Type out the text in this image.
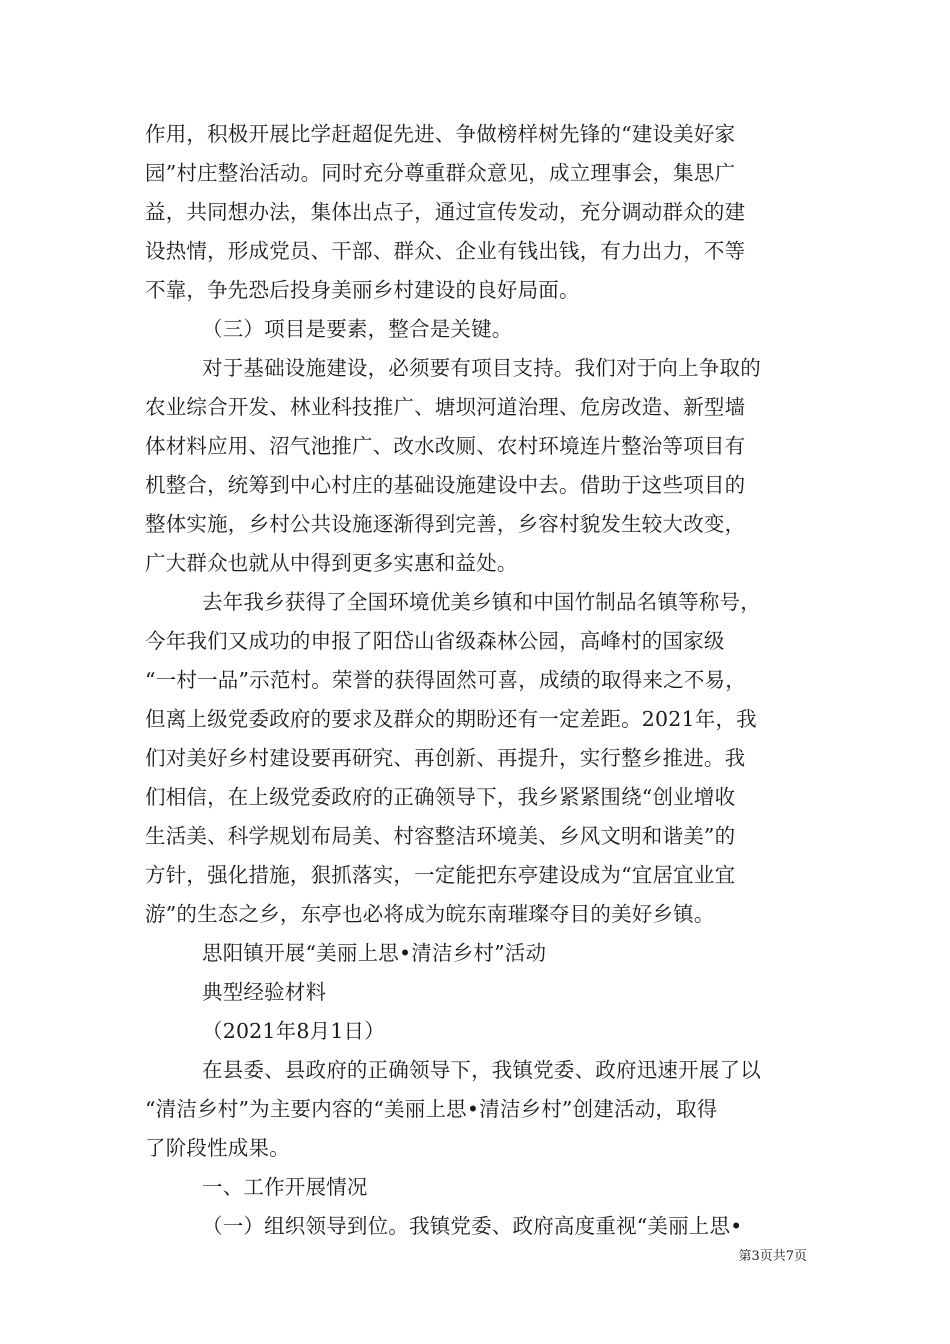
作用，积极开展比学赶超促先进、争做榜样树先锋的“建设美好家
园”村庄整治活动。同时充分尊重群众意见，成立理事会，集思广
益，共同想办法，集体出点子，通过宣传发动，充分调动群众的建
设热情，形成党员、干部、群众、企业有钱出钱，有力出力，不等
不靠，争先恐后投身美丽乡村建设的良好局面。
（三）项目是要素，整合是关键。
对于基础设施建设，必须要有项目支持。我们对于向上争取的
农业综合开发、林业科技推广、塘坝河道治理、危房改造、新型墙
体材料应用、沼气池推广、改水改厕、农村环境连片整治等项目有
机整合，统筹到中心村庄的基础设施建设中去。借助于这些项目的
整体实施，乡村公共设施逐渐得到完善，乡容村貌发生较大改变，
广大群众也就从中得到更多实惠和益处。
去年我乡获得了全国环境优美乡镇和中国竹制品名镇等称号，
今年我们又成功的申报了阳岱山省级森林公园，高峰村的国家级
“一村一品”示范村。荣誉的获得固然可喜，成绩的取得来之不易，
但离上级党委政府的要求及群众的期盼还有一定差距。2021年，我
们对美好乡村建设要再研究、再创新、再提升，实行整乡推进。我
们相信，在上级党委政府的正确领导下，我乡紧紧围绕“创业增收
生活美、科学规划布局美、村容整洁环境美、乡风文明和谐美”的
方针，强化措施，狠抓落实，一定能把东亭建设成为“宜居宜业宜
游”的生态之乡，东亭也必将成为皖东南璀璨夺目的美好乡镇。
思阳镇开展“美丽上思•清洁乡村”活动
典型经验材料
（2021年8月1日）
在县委、县政府的正确领导下，我镇党委、政府迅速开展了以
“清洁乡村”为主要内容的“美丽上思•清洁乡村”创建活动，取得
了阶段性成果。
一、工作开展情况
（一）组织领导到位。我镇党委、政府高度重视“美丽上思•
第3页共7页
